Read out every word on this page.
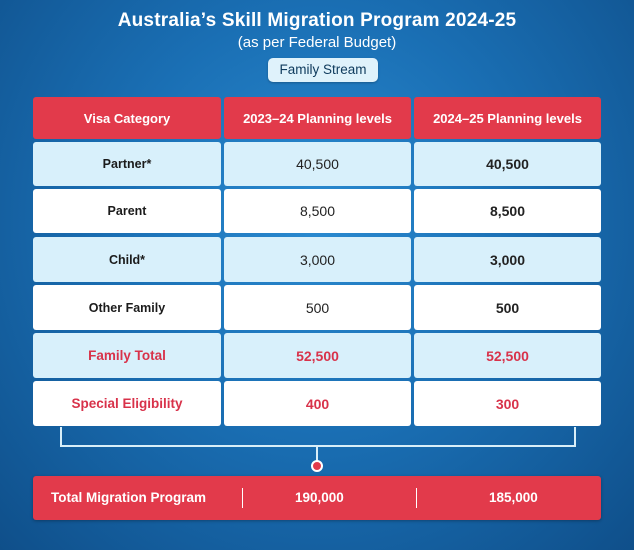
Australia’s Skill Migration Program 2024-25
(as per Federal Budget)
Family Stream
Visa Category	2023–24 Planning levels	2024–25 Planning levels
Partner*	40,500	40,500
Parent	8,500	8,500
Child*	3,000	3,000
Other Family	500	500
Family Total	52,500	52,500
Special Eligibility	400	300
Total Migration Program	190,000	185,000
